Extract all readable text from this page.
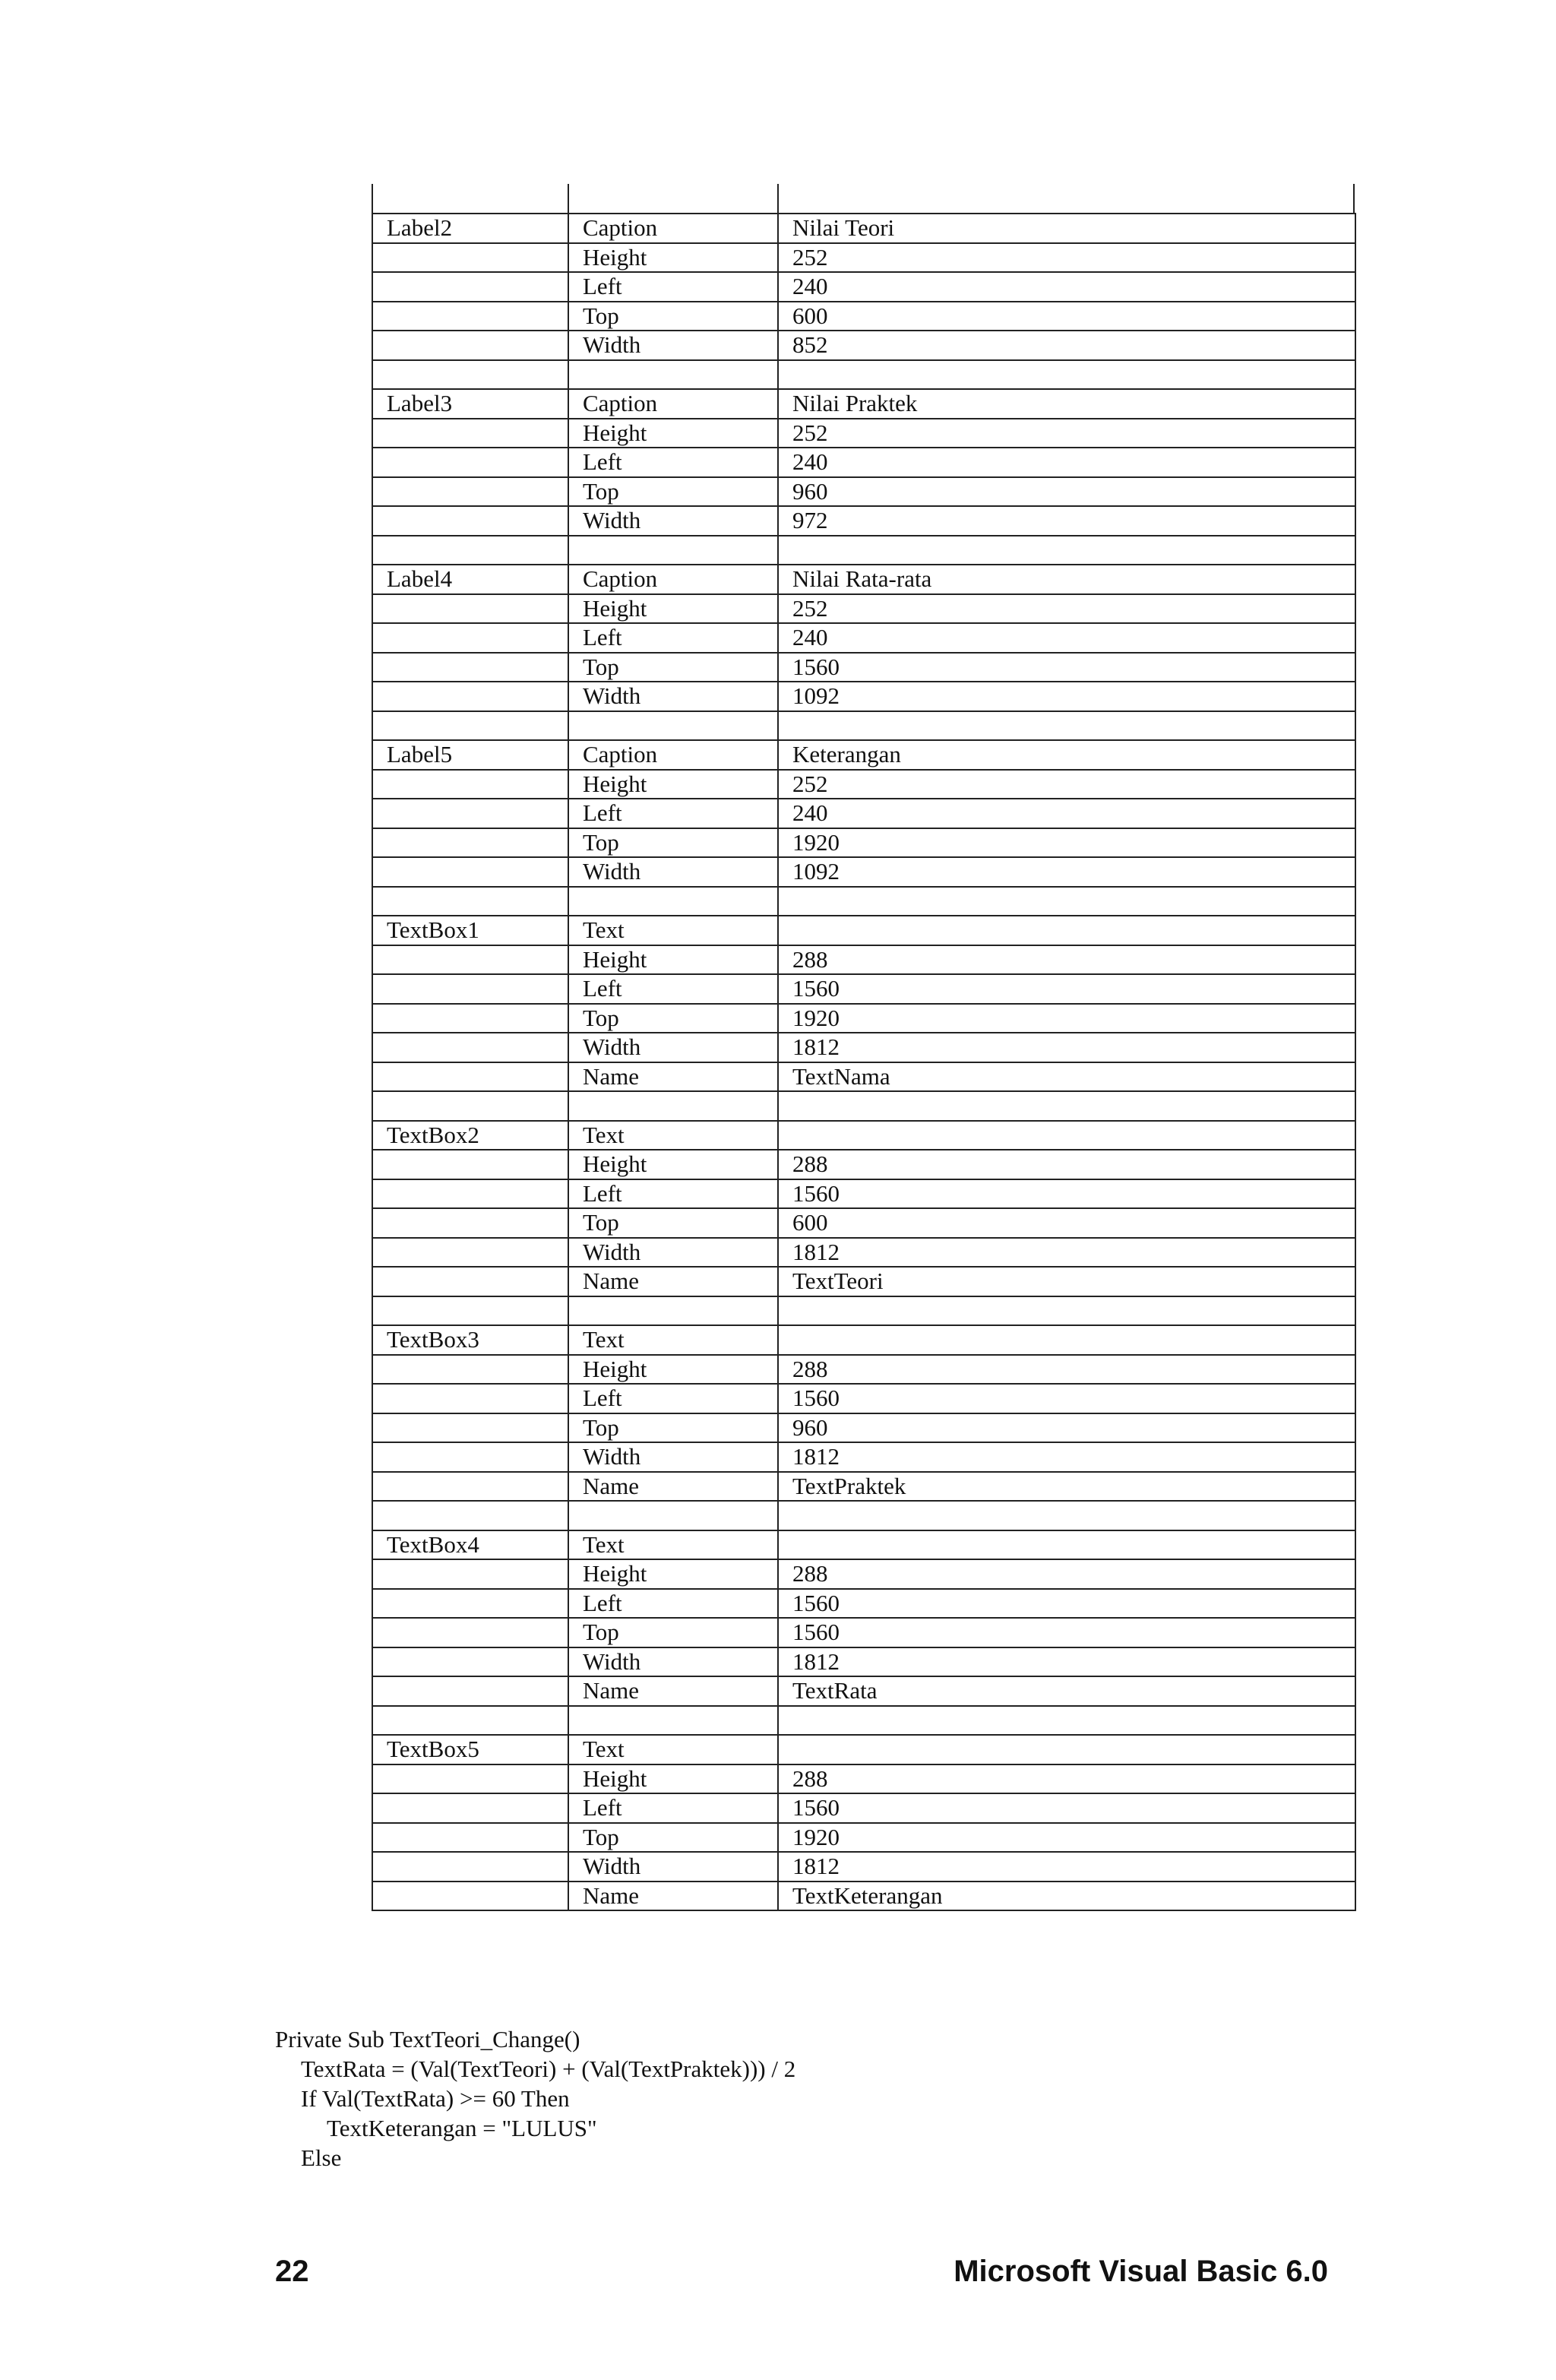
Label2	Caption	Nilai Teori
	Height	252
	Left	240
	Top	600
	Width	852

Label3	Caption	Nilai Praktek
	Height	252
	Left	240
	Top	960
	Width	972

Label4	Caption	Nilai Rata-rata
	Height	252
	Left	240
	Top	1560
	Width	1092

Label5	Caption	Keterangan
	Height	252
	Left	240
	Top	1920
	Width	1092

TextBox1	Text	
	Height	288
	Left	1560
	Top	1920
	Width	1812
	Name	TextNama

TextBox2	Text	
	Height	288
	Left	1560
	Top	600
	Width	1812
	Name	TextTeori

TextBox3	Text	
	Height	288
	Left	1560
	Top	960
	Width	1812
	Name	TextPraktek

TextBox4	Text	
	Height	288
	Left	1560
	Top	1560
	Width	1812
	Name	TextRata

TextBox5	Text	
	Height	288
	Left	1560
	Top	1920
	Width	1812
	Name	TextKeterangan
Private Sub TextTeori_Change()
TextRata = (Val(TextTeori) + (Val(TextPraktek))) / 2
If Val(TextRata) >= 60 Then
TextKeterangan = "LULUS"
Else
22	Microsoft Visual Basic 6.0
